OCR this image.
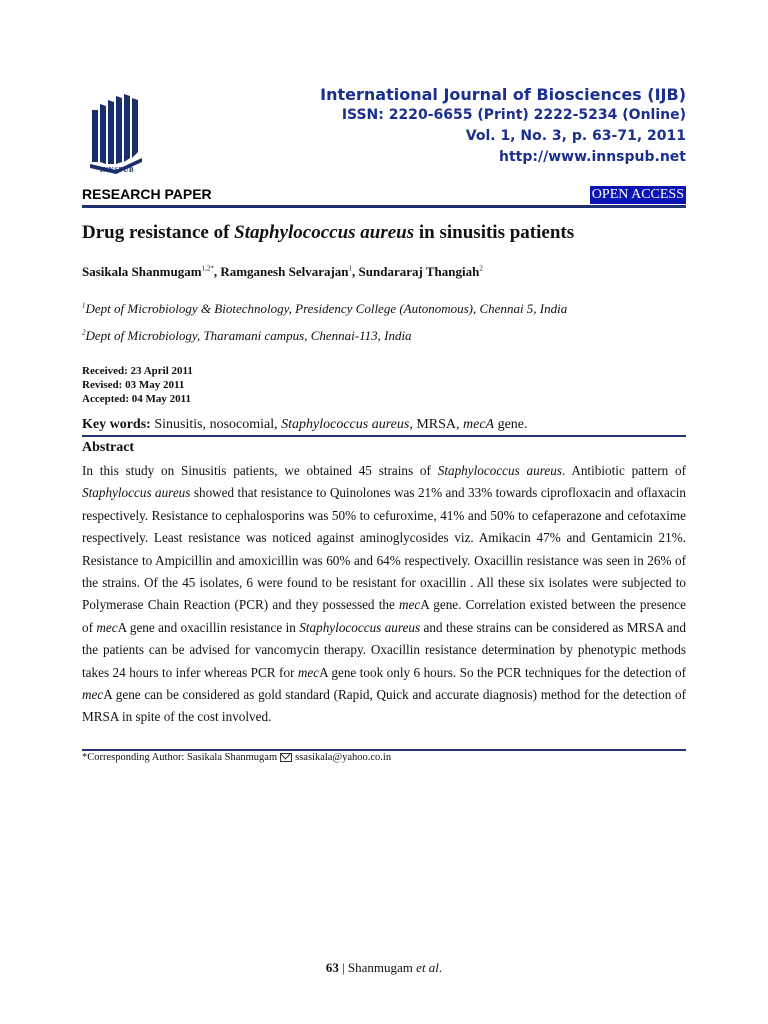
INNSPUB
International Journal of Biosciences (IJB)
ISSN: 2220-6655 (Print) 2222-5234 (Online)
Vol. 1, No. 3, p. 63-71, 2011
http://www.innspub.net
RESEARCH PAPER	OPEN ACCESS
Drug resistance of Staphylococcus aureus in sinusitis patients
Sasikala Shanmugam$^{1,2*}$, Ramganesh Selvarajan$^1$, Sundararaj Thangiah$^2$
$^1$Dept of Microbiology & Biotechnology, Presidency College (Autonomous), Chennai 5, India
$^2$Dept of Microbiology, Tharamani campus, Chennai-113, India
Received: 23 April 2011
Revised: 03 May 2011
Accepted: 04 May 2011
Key words: Sinusitis, nosocomial, Staphylococcus aureus, MRSA, mecA gene.
Abstract
In this study on Sinusitis patients, we obtained 45 strains of Staphylococcus aureus. Antibiotic pattern of Staphyloccus aureus showed that resistance to Quinolones was 21% and 33% towards ciprofloxacin and oflaxacin respectively. Resistance to cephalosporins was 50% to cefuroxime, 41% and 50% to cefaperazone and cefotaxime respectively. Least resistance was noticed against aminoglycosides viz. Amikacin 47% and Gentamicin 21%. Resistance to Ampicillin and amoxicillin was 60% and 64% respectively. Oxacillin resistance was seen in 26% of the strains. Of the 45 isolates, 6 were found to be resistant for oxacillin . All these six isolates were subjected to Polymerase Chain Reaction (PCR) and they possessed the mecA gene. Correlation existed between the presence of mecA gene and oxacillin resistance in Staphylococcus aureus and these strains can be considered as MRSA and the patients can be advised for vancomycin therapy. Oxacillin resistance determination by phenotypic methods takes 24 hours to infer whereas PCR for mecA gene took only 6 hours. So the PCR techniques for the detection of mecA gene can be considered as gold standard (Rapid, Quick and accurate diagnosis) method for the detection of MRSA in spite of the cost involved.
*Corresponding Author: Sasikala Shanmugam ssasikala@yahoo.co.in
63 | Shanmugam et al.
